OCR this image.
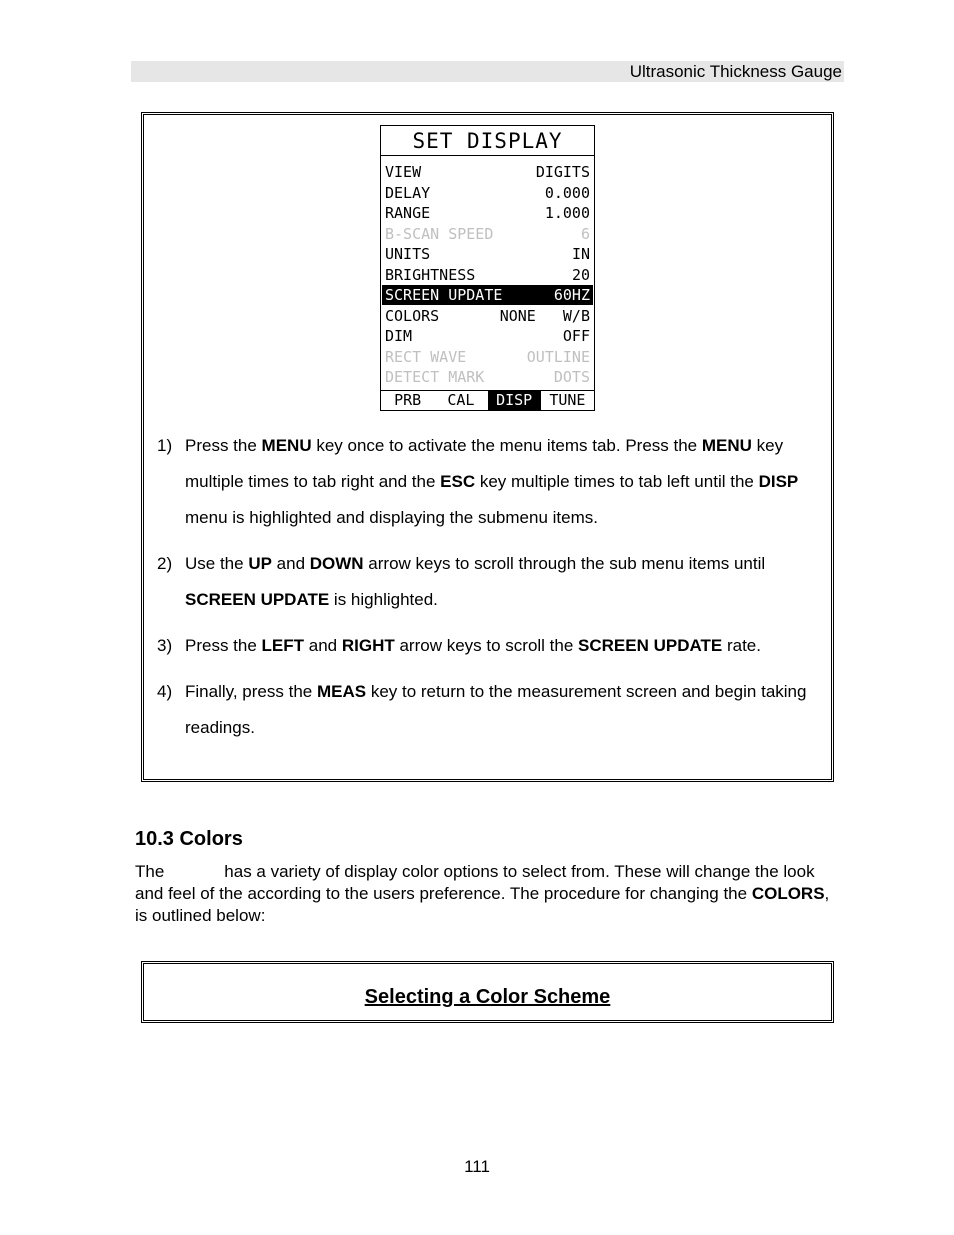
Ultrasonic Thickness Gauge
SET DISPLAY
VIEW	DIGITS
DELAY	0.000
RANGE	1.000
B-SCAN SPEED	6
UNITS	IN
BRIGHTNESS	20
SCREEN UPDATE	60HZ
COLORS	NONE   W/B
DIM	OFF
RECT WAVE	OUTLINE
DETECT MARK	DOTS
PRB	CAL	DISP	TUNE
1) Press the MENU key once to activate the menu items tab. Press the MENU key multiple times to tab right and the ESC key multiple times to tab left until the DISP menu is highlighted and displaying the submenu items.
2) Use the UP and DOWN arrow keys to scroll through the sub menu items until SCREEN UPDATE is highlighted.
3) Press the LEFT and RIGHT arrow keys to scroll the SCREEN UPDATE rate.
4) Finally, press the MEAS key to return to the measurement screen and begin taking readings.
10.3 Colors
The	has a variety of display color options to select from. These will change the look and feel of the according to the users preference. The procedure for changing the COLORS, is outlined below:
Selecting a Color Scheme
111
